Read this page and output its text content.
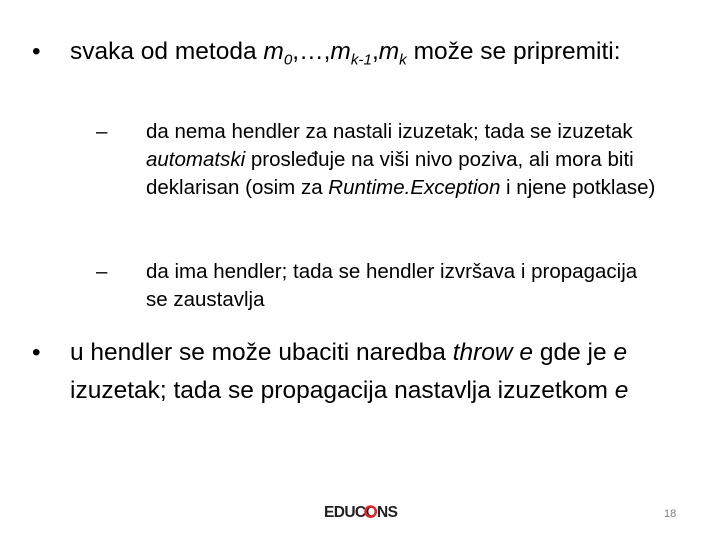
•	svaka od metoda $m_0,\dots,m_{k-1},m_k$ može se pripremiti:
–	da nema hendler za nastali izuzetak; tada se izuzetak automatski prosleđuje na viši nivo poziva, ali mora biti deklarisan (osim za Runtime.Exception i njene potklase)
–	da ima hendler; tada se hendler izvršava i propagacija se zaustavlja
•	u hendler se može ubaciti naredba throw e gde je e izuzetak; tada se propagacija nastavlja izuzetkom e
EDUCONS	18
